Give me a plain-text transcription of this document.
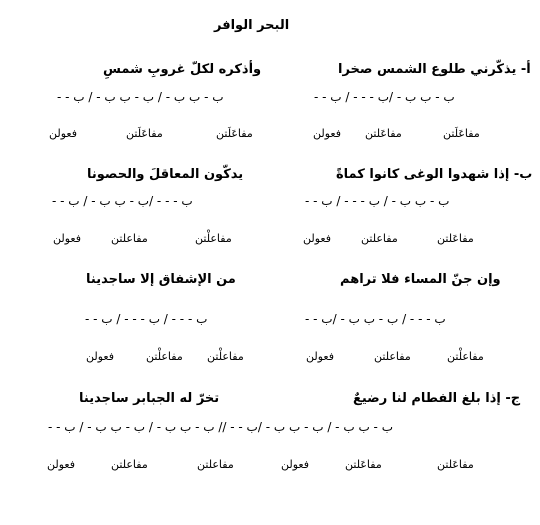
البحر الوافر
أ- يذكّرني طلوع الشمس صخرا
وأذكره لكلّ غروبِ شمسِ
ب - ب ب - /ب - - - / ب - -
ب - ب ب - / ب - ب ب - / ب - -
مفاعَلَتن
مفاعَلتن
فعولن
مفاعَلَتن
مفاعَلَتن
فعولن
ب- إذا شهدوا الوغى كانوا كماةً
يدكّون المعاقلَ والحصونا
ب - ب ب - / ب - - - / ب - -
ب - - - /ب - ب ب - / ب - -
مفاعَلتن
مفاعلتن
فعولن
مفاعلْتن
مفاعلتن
فعولن
وإن جنّ المساء فلا تراهم
من الإشفاق إلا ساجدينا
ب - - - / ب - ب ب - /ب - -
ب - - - / ب - - - / ب - -
مفاعلْتن
مفاعلتن
فعولن
مفاعلْتن
مفاعلْتن
فعولن
ج- إذا بلغ الفطام لنا رضيعٌ
تخرّ له الجبابر ساجدينا
ب - ب ب - / ب - ب ب - /ب - - // ب - ب ب - / ب - ب ب - / ب - -
مفاعَلتن
مفاعَلتن
فعولن
مفاعلتن
مفاعلتن
فعولن
